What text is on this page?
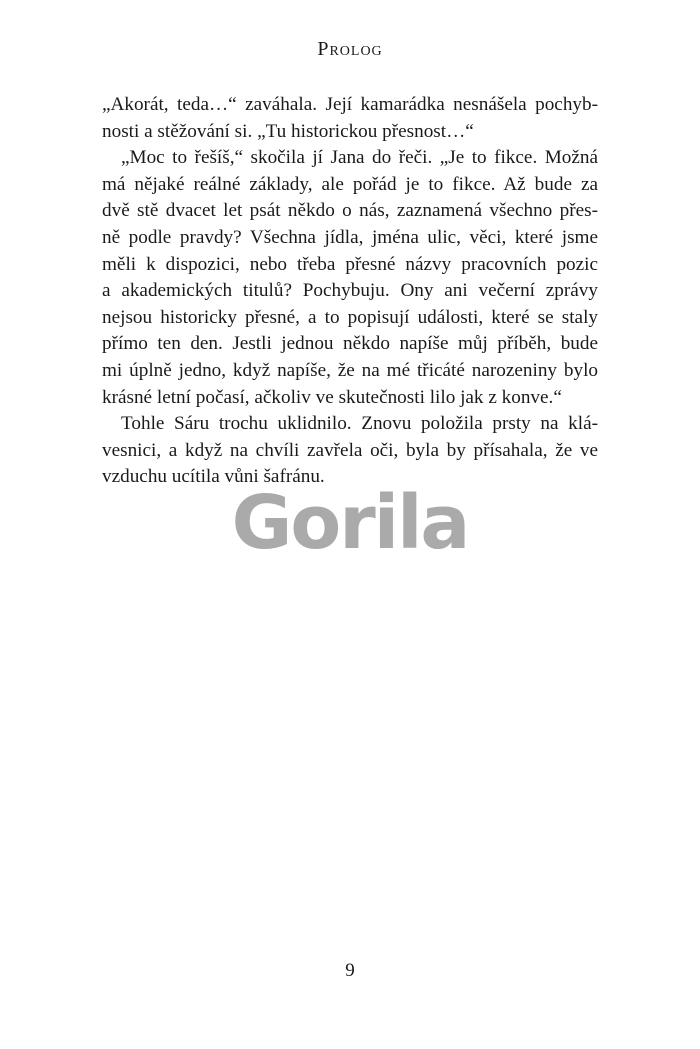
Prolog
„Akorát, teda…“ zaváhala. Její kamarádka nesnášela pochyb-
nosti a stěžování si. „Tu historickou přesnost…“
„Moc to řešíš,“ skočila jí Jana do řeči. „Je to fikce. Možná
má nějaké reálné základy, ale pořád je to fikce. Až bude za
dvě stě dvacet let psát někdo o nás, zaznamená všechno přes-
ně podle pravdy? Všechna jídla, jména ulic, věci, které jsme
měli k dispozici, nebo třeba přesné názvy pracovních pozic
a akademických titulů? Pochybuju. Ony ani večerní zprávy
nejsou historicky přesné, a to popisují události, které se staly
přímo ten den. Jestli jednou někdo napíše můj příběh, bude
mi úplně jedno, když napíše, že na mé třicáté narozeniny bylo
krásné letní počasí, ačkoliv ve skutečnosti lilo jak z konve.“
Tohle Sáru trochu uklidnilo. Znovu položila prsty na klá-
vesnici, a když na chvíli zavřela oči, byla by přísahala, že ve
vzduchu ucítila vůni šafránu.
Gorila
9
